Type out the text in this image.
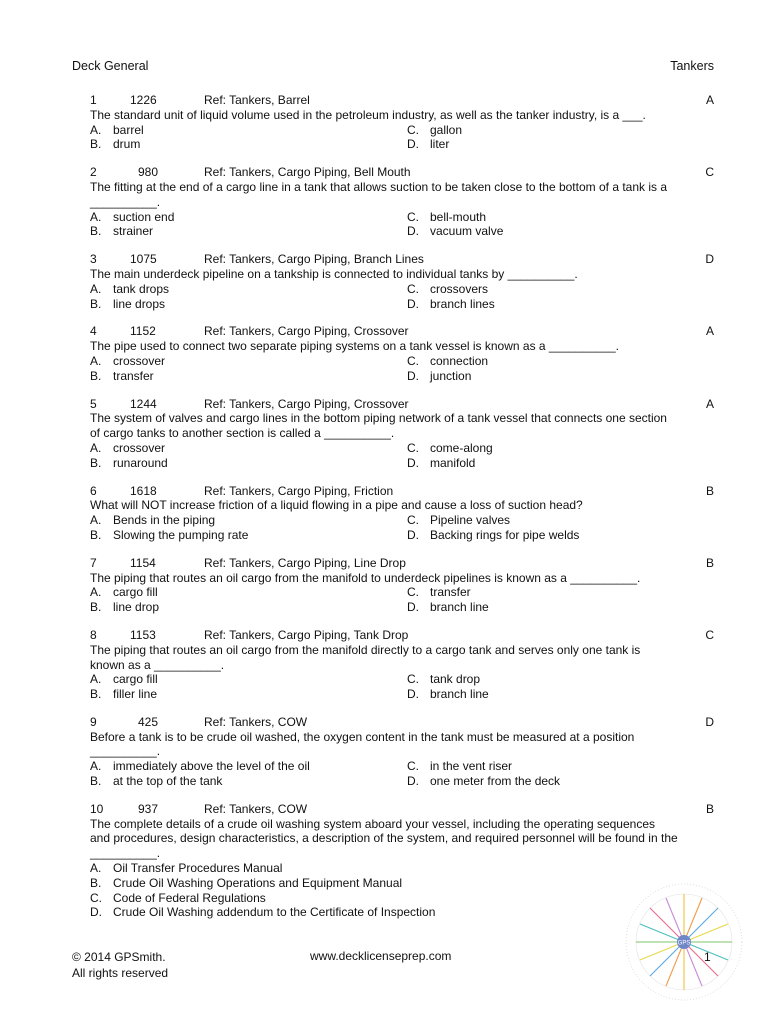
Deck General	Tankers
1	1226	Ref: Tankers, Barrel	A
The standard unit of liquid volume used in the petroleum industry, as well as the tanker industry, is a ___.
A. barrel	C. gallon
B. drum	D. liter
2	980	Ref: Tankers, Cargo Piping, Bell Mouth	C
The fitting at the end of a cargo line in a tank that allows suction to be taken close to the bottom of a tank is a __________.
A. suction end	C. bell-mouth
B. strainer	D. vacuum valve
3	1075	Ref: Tankers, Cargo Piping, Branch Lines	D
The main underdeck pipeline on a tankship is connected to individual tanks by __________.
A. tank drops	C. crossovers
B. line drops	D. branch lines
4	1152	Ref: Tankers, Cargo Piping, Crossover	A
The pipe used to connect two separate piping systems on a tank vessel is known as a __________.
A. crossover	C. connection
B. transfer	D. junction
5	1244	Ref: Tankers, Cargo Piping, Crossover	A
The system of valves and cargo lines in the bottom piping network of a tank vessel that connects one section of cargo tanks to another section is called a __________.
A. crossover	C. come-along
B. runaround	D. manifold
6	1618	Ref: Tankers, Cargo Piping, Friction	B
What will NOT increase friction of a liquid flowing in a pipe and cause a loss of suction head?
A. Bends in the piping	C. Pipeline valves
B. Slowing the pumping rate	D. Backing rings for pipe welds
7	1154	Ref: Tankers, Cargo Piping, Line Drop	B
The piping that routes an oil cargo from the manifold to underdeck pipelines is known as a __________.
A. cargo fill	C. transfer
B. line drop	D. branch line
8	1153	Ref: Tankers, Cargo Piping, Tank Drop	C
The piping that routes an oil cargo from the manifold directly to a cargo tank and serves only one tank is known as a __________.
A. cargo fill	C. tank drop
B. filler line	D. branch line
9	425	Ref: Tankers, COW	D
Before a tank is to be crude oil washed, the oxygen content in the tank must be measured at a position __________.
A. immediately above the level of the oil	C. in the vent riser
B. at the top of the tank	D. one meter from the deck
10	937	Ref: Tankers, COW	B
The complete details of a crude oil washing system aboard your vessel, including the operating sequences and procedures, design characteristics, a description of the system, and required personnel will be found in the __________.
A. Oil Transfer Procedures Manual
B. Crude Oil Washing Operations and Equipment Manual
C. Code of Federal Regulations
D. Crude Oil Washing addendum to the Certificate of Inspection
© 2014 GPSmith.
All rights reserved
www.decklicenseprep.com
GPS
1
